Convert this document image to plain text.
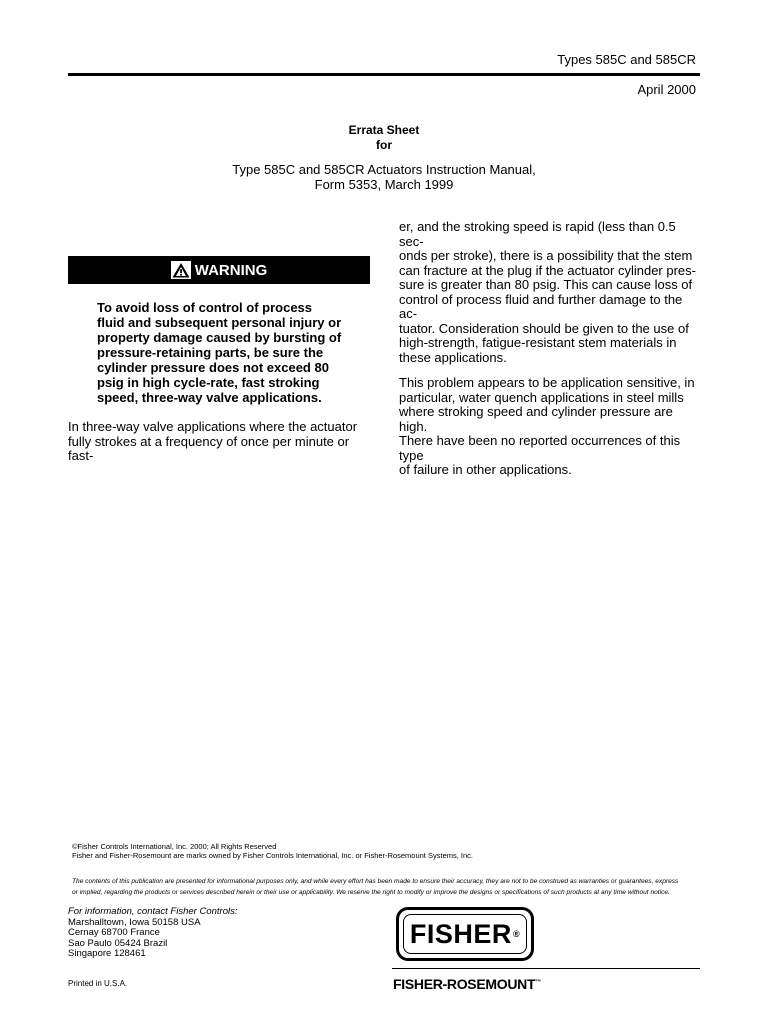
Types 585C and 585CR
April 2000
Errata Sheet
for
Type 585C and 585CR Actuators Instruction Manual,
Form 5353, March 1999
WARNING
To avoid loss of control of process
fluid and subsequent personal injury or
property damage caused by bursting of
pressure-retaining parts, be sure the
cylinder pressure does not exceed 80
psig in high cycle-rate, fast stroking
speed, three-way valve applications.
In three-way valve applications where the actuator
fully strokes at a frequency of once per minute or fast-
er, and the stroking speed is rapid (less than 0.5 sec-
onds per stroke), there is a possibility that the stem
can fracture at the plug if the actuator cylinder pres-
sure is greater than 80 psig. This can cause loss of
control of process fluid and further damage to the ac-
tuator. Consideration should be given to the use of
high-strength, fatigue-resistant stem materials in
these applications.
This problem appears to be application sensitive, in
particular, water quench applications in steel mills
where stroking speed and cylinder pressure are high.
There have been no reported occurrences of this type
of failure in other applications.
©Fisher Controls International, Inc. 2000; All Rights Reserved
Fisher and Fisher-Rosemount are marks owned by Fisher Controls International, Inc. or Fisher-Rosemount Systems, Inc.
The contents of this publication are presented for informational purposes only, and while every effort has been made to ensure their accuracy, they are not to be construed as warranties or guarantees, express
or implied, regarding the products or services described herein or their use or applicability. We reserve the right to modify or improve the designs or specifications of such products at any time without notice.
For information, contact Fisher Controls:
Marshalltown, Iowa 50158 USA
Cernay 68700 France
Sao Paulo 05424 Brazil
Singapore 128461
Printed in U.S.A.
FISHER ®
FISHER-ROSEMOUNT™
